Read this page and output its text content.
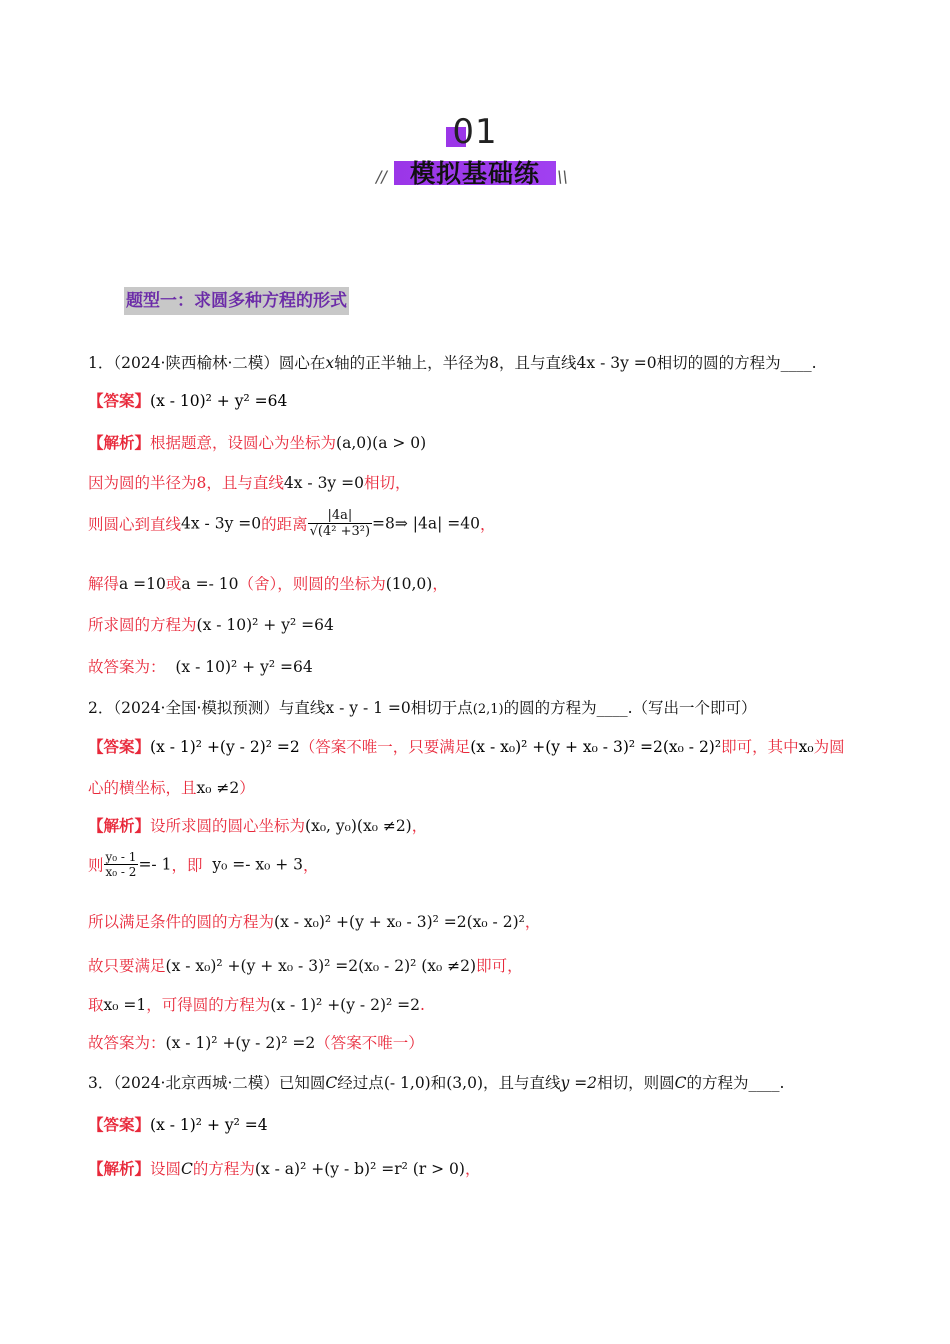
01
模拟基础练
//	\\
题型一：求圆多种方程的形式
1．（2024·陕西榆林·二模）圆心在x轴的正半轴上，半径为8，且与直线4x - 3y =0相切的圆的方程为____.
【答案】(x - 10)² + y² =64
【解析】根据题意，设圆心为坐标为(a,0)(a > 0)
因为圆的半径为8，且与直线4x - 3y =0相切，
则圆心到直线4x - 3y =0的距离 $\frac{|4a|}{\text{√(4² +3²)}}$ =8⇒ |4a| =40，
解得a =10或a =- 10（舍），则圆的坐标为(10,0)，
所求圆的方程为(x - 10)² + y² =64
故答案为： (x - 10)² + y² =64
2．（2024·全国·模拟预测）与直线x - y - 1 =0相切于点(2,1)的圆的方程为____.（写出一个即可）
【答案】(x - 1)² +(y - 2)² =2（答案不唯一，只要满足(x - x₀)² +(y + x₀ - 3)² =2(x₀ - 2)²即可，其中x₀为圆
心的横坐标，且x₀ ≠2）
【解析】设所求圆的圆心坐标为(x₀, y₀)(x₀ ≠2)，
则 $\frac{\text{y₀ - 1}}{\text{x₀ - 2}} =- 1$，即 y₀ =- x₀ + 3，
所以满足条件的圆的方程为(x - x₀)² +(y + x₀ - 3)² =2(x₀ - 2)²，
故只要满足(x - x₀)² +(y + x₀ - 3)² =2(x₀ - 2)² (x₀ ≠2)即可，
取x₀ =1，可得圆的方程为(x - 1)² +(y - 2)² =2.
故答案为：(x - 1)² +(y - 2)² =2（答案不唯一）
3．（2024·北京西城·二模）已知圆C经过点(- 1,0)和(3,0)，且与直线y =2相切，则圆C的方程为____.
【答案】(x - 1)² + y² =4
【解析】设圆C的方程为(x - a)² +(y - b)² =r² (r > 0)，
